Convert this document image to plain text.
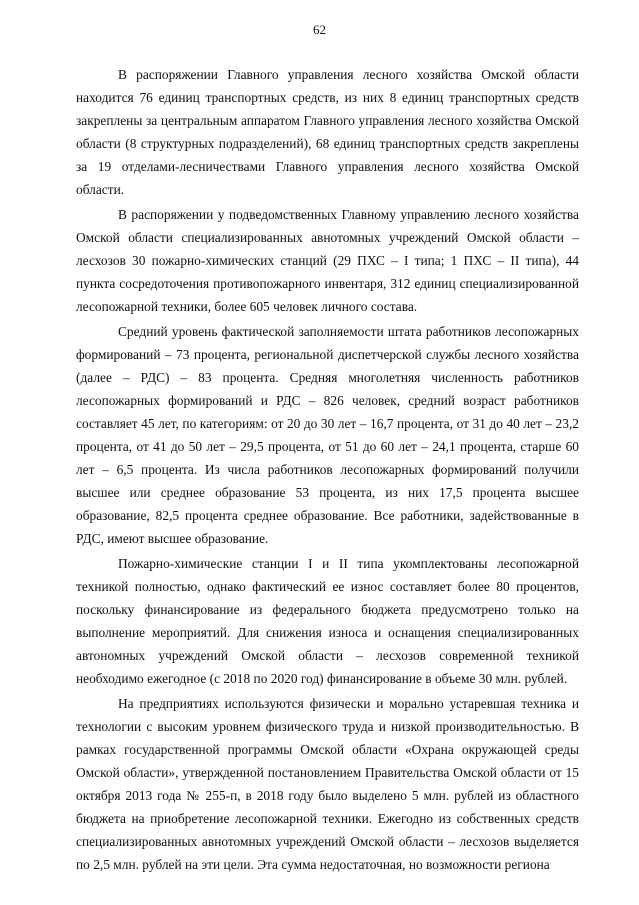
62

В распоряжении Главного управления лесного хозяйства Омской области находится 76 единиц транспортных средств, из них 8 единиц транспортных средств закреплены за центральным аппаратом Главного управления лесного хозяйства Омской области (8 структурных подразделений), 68 единиц транспортных средств закреплены за 19 отделами-лесничествами Главного управления лесного хозяйства Омской области.

В распоряжении у подведомственных Главному управлению лесного хозяйства Омской области специализированных авнотомных учреждений Омской области – лесхозов 30 пожарно-химических станций (29 ПХС – I типа; 1 ПХС – II типа), 44 пункта сосредоточения противопожарного инвентаря, 312 единиц специализированной лесопожарной техники, более 605 человек личного состава.

Средний уровень фактической заполняемости штата работников лесопожарных формирований – 73 процента, региональной диспетчерской службы лесного хозяйства (далее – РДС) – 83 процента. Средняя многолетняя численность работников лесопожарных формирований и РДС – 826 человек, средний возраст работников составляет 45 лет, по категориям: от 20 до 30 лет – 16,7 процента, от 31 до 40 лет – 23,2 процента, от 41 до 50 лет – 29,5 процента, от 51 до 60 лет – 24,1 процента, старше 60 лет – 6,5 процента. Из числа работников лесопожарных формирований получили высшее или среднее образование 53 процента, из них 17,5 процента высшее образование, 82,5 процента среднее образование. Все работники, задействованные в РДС, имеют высшее образование.

Пожарно-химические станции I и II типа укомплектованы лесопожарной техникой полностью, однако фактический ее износ составляет более 80 процентов, поскольку финансирование из федерального бюджета предусмотрено только на выполнение мероприятий. Для снижения износа и оснащения специализированных автономных учреждений Омской области – лесхозов современной техникой необходимо ежегодное (с 2018 по 2020 год) финансирование в объеме 30 млн. рублей.

На предприятиях используются физически и морально устаревшая техника и технологии с высоким уровнем физического труда и низкой производительностью. В рамках государственной программы Омской области «Охрана окружающей среды Омской области», утвержденной постановлением Правительства Омской области от 15 октября 2013 года № 255-п, в 2018 году было выделено 5 млн. рублей из областного бюджета на приобретение лесопожарной техники. Ежегодно из собственных средств специализированных авнотомных учреждений Омской области – лесхозов выделяется по 2,5 млн. рублей на эти цели. Эта сумма недостаточная, но возможности региона
